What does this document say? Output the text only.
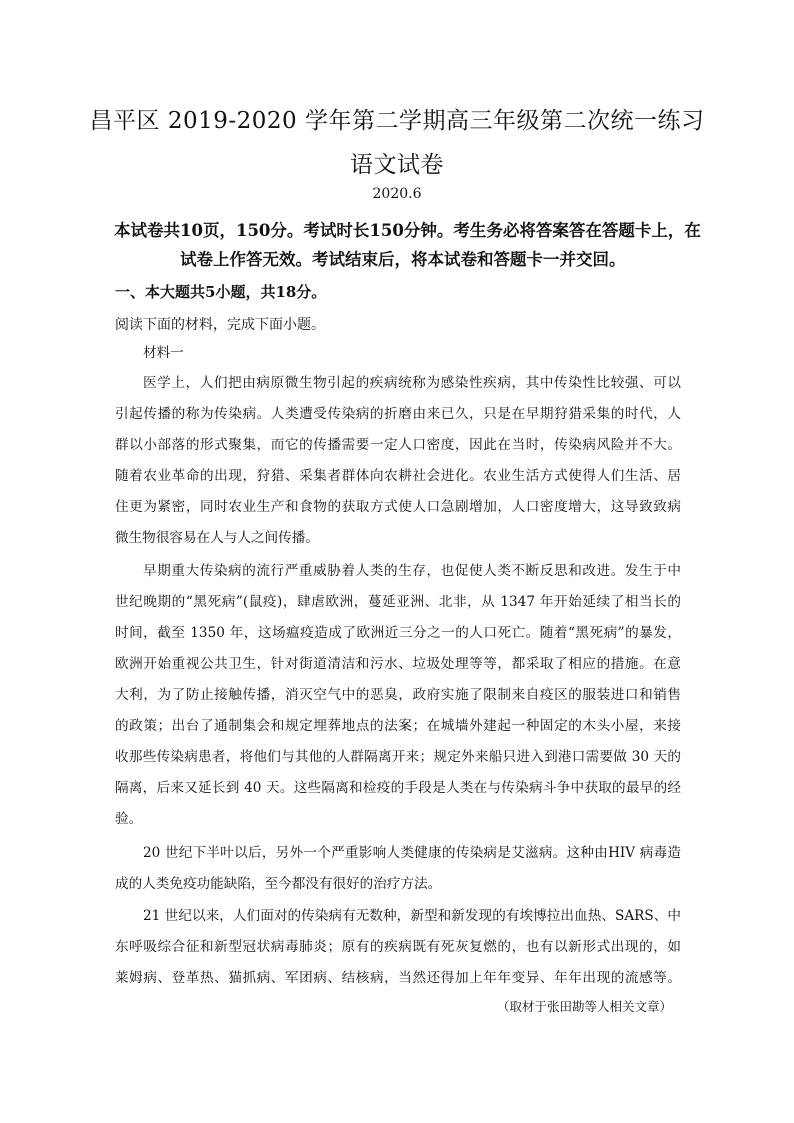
昌平区 2019-2020 学年第二学期高三年级第二次统一练习
语文试卷
2020.6
本试卷共10页，150分。考试时长150分钟。考生务必将答案答在答题卡上，在
试卷上作答无效。考试结束后，将本试卷和答题卡一并交回。
一、本大题共5小题，共18分。
阅读下面的材料，完成下面小题。
材料一
医学上，人们把由病原微生物引起的疾病统称为感染性疾病，其中传染性比较强、可以
引起传播的称为传染病。人类遭受传染病的折磨由来已久，只是在早期狩猎采集的时代，人
群以小部落的形式聚集，而它的传播需要一定人口密度，因此在当时，传染病风险并不大。
随着农业革命的出现，狩猎、采集者群体向农耕社会进化。农业生活方式使得人们生活、居
住更为紧密，同时农业生产和食物的获取方式使人口急剧增加，人口密度增大，这导致致病
微生物很容易在人与人之间传播。
早期重大传染病的流行严重威胁着人类的生存，也促使人类不断反思和改进。发生于中
世纪晚期的“黑死病”(鼠疫)，肆虐欧洲，蔓延亚洲、北非，从 1347 年开始延续了相当长的
时间，截至 1350 年，这场瘟疫造成了欧洲近三分之一的人口死亡。随着“黑死病”的暴发，
欧洲开始重视公共卫生，针对街道清洁和污水、垃圾处理等等，都采取了相应的措施。在意
大利，为了防止接触传播，消灭空气中的恶臭，政府实施了限制来自疫区的服装进口和销售
的政策；出台了通制集会和规定埋葬地点的法案；在城墙外建起一种固定的木头小屋，来接
收那些传染病患者，将他们与其他的人群隔离开来；规定外来船只进入到港口需要做 30 天的
隔离，后来又延长到 40 天。这些隔离和检疫的手段是人类在与传染病斗争中获取的最早的经
验。
20 世纪下半叶以后，另外一个严重影响人类健康的传染病是艾滋病。这种由HIV 病毒造
成的人类免疫功能缺陷，至今都没有很好的治疗方法。
21 世纪以来，人们面对的传染病有无数种，新型和新发现的有埃博拉出血热、SARS、中
东呼吸综合征和新型冠状病毒肺炎；原有的疾病既有死灰复燃的，也有以新形式出现的，如
莱姆病、登革热、猫抓病、军团病、结核病，当然还得加上年年变异、年年出现的流感等。
（取材于张田勘等人相关文章）
